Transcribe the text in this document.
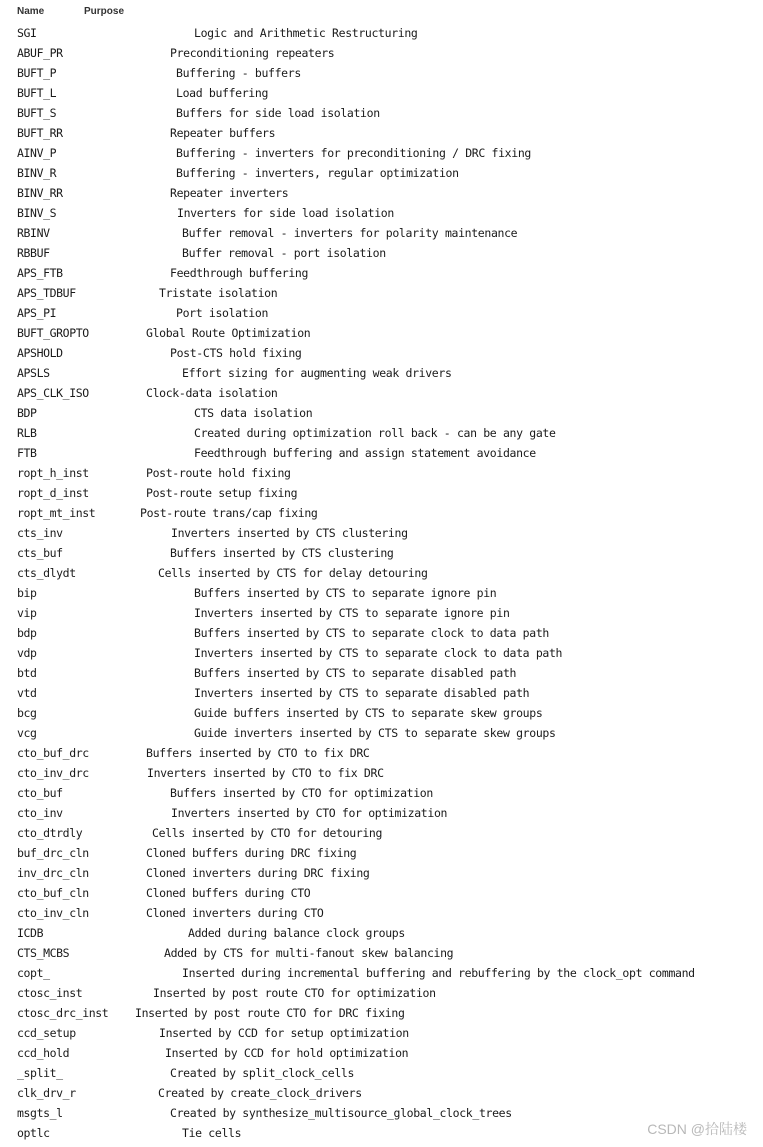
Name	Purpose
SGI	Logic and Arithmetic Restructuring
ABUF_PR	Preconditioning repeaters
BUFT_P	Buffering - buffers
BUFT_L	Load buffering
BUFT_S	Buffers for side load isolation
BUFT_RR	Repeater buffers
AINV_P	Buffering - inverters for preconditioning / DRC fixing
BINV_R	Buffering - inverters, regular optimization
BINV_RR	Repeater inverters
BINV_S	Inverters for side load isolation
RBINV	Buffer removal - inverters for polarity maintenance
RBBUF	Buffer removal - port isolation
APS_FTB	Feedthrough buffering
APS_TDBUF	Tristate isolation
APS_PI	Port isolation
BUFT_GROPTO	Global Route Optimization
APSHOLD	Post-CTS hold fixing
APSLS	Effort sizing for augmenting weak drivers
APS_CLK_ISO	Clock-data isolation
BDP	CTS data isolation
RLB	Created during optimization roll back - can be any gate
FTB	Feedthrough buffering and assign statement avoidance
ropt_h_inst	Post-route hold fixing
ropt_d_inst	Post-route setup fixing
ropt_mt_inst	Post-route trans/cap fixing
cts_inv	Inverters inserted by CTS clustering
cts_buf	Buffers inserted by CTS clustering
cts_dlydt	Cells inserted by CTS for delay detouring
bip	Buffers inserted by CTS to separate ignore pin
vip	Inverters inserted by CTS to separate ignore pin
bdp	Buffers inserted by CTS to separate clock to data path
vdp	Inverters inserted by CTS to separate clock to data path
btd	Buffers inserted by CTS to separate disabled path
vtd	Inverters inserted by CTS to separate disabled path
bcg	Guide buffers inserted by CTS to separate skew groups
vcg	Guide inverters inserted by CTS to separate skew groups
cto_buf_drc	Buffers inserted by CTO to fix DRC
cto_inv_drc	Inverters inserted by CTO to fix DRC
cto_buf	Buffers inserted by CTO for optimization
cto_inv	Inverters inserted by CTO for optimization
cto_dtrdly	Cells inserted by CTO for detouring
buf_drc_cln	Cloned buffers during DRC fixing
inv_drc_cln	Cloned inverters during DRC fixing
cto_buf_cln	Cloned buffers during CTO
cto_inv_cln	Cloned inverters during CTO
ICDB	Added during balance clock groups
CTS_MCBS	Added by CTS for multi-fanout skew balancing
copt_	Inserted during incremental buffering and rebuffering by the clock_opt command
ctosc_inst	Inserted by post route CTO for optimization
ctosc_drc_inst Inserted by post route CTO for DRC fixing
ccd_setup	Inserted by CCD for setup optimization
ccd_hold	Inserted by CCD for hold optimization
_split_	Created by split_clock_cells
clk_drv_r	Created by create_clock_drivers
msgts_l	Created by synthesize_multisource_global_clock_trees
optlc	Tie cells	CSDN @拾陆楼
